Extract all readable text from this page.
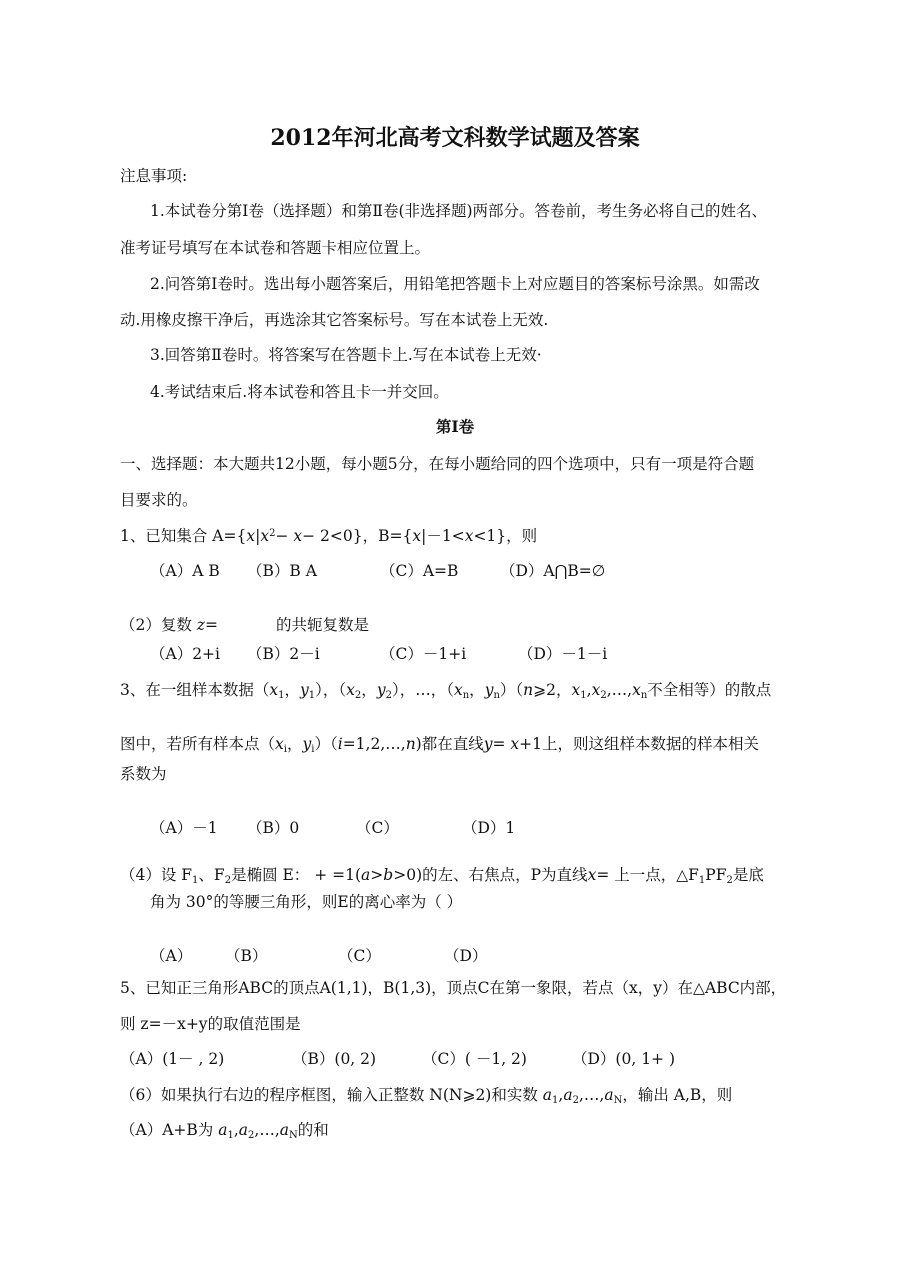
2012年河北高考文科数学试题及答案
注息事项:
1.本试卷分第Ⅰ卷（选择题）和第Ⅱ卷(非选择题)两部分。答卷前，考生务必将自己的姓名、
准考证号填写在本试卷和答题卡相应位置上。
2.问答第Ⅰ卷时。选出每小题答案后，用铅笔把答题卡上对应题目的答案标号涂黑。如需改
动.用橡皮擦干净后，再选涂其它答案标号。写在本试卷上无效.
3.回答第Ⅱ卷时。将答案写在答题卡上.写在本试卷上无效·
4.考试结束后.将本试卷和答且卡一并交回。
第Ⅰ卷
一、选择题：本大题共12小题，每小题5分，在每小题给同的四个选项中，只有一项是符合题
目要求的。
1、已知集合 $A=\{x|x^2- x- 2<0\}$，B={x|－1<x<1}，则
（A）A B （B）B A	（C）A=B	（D）A⋂B=∅
（2）复数 z=	的共轭复数是
（A）2+i （B）2－i	（C）－1+i	（D）－1－i
3、在一组样本数据（$x_1$，$y_1$），（$x_2$，$y_2$），…，（$x_n$，$y_n)(n⩾2$，$x_1,x_2,\dots,x_n$不全相等）的散点
图中，若所有样本点（$x_i$，$y_i)(i=1,2,\dots,n)$都在直线y= x+1上，则这组样本数据的样本相关
系数为
（A）－1 （B）0	（C）	（D）1
（4）设 $F_1$、$F_2$是椭圆 E： + =1(a>b>0)的左、右焦点，P为直线x= 上一点，$\triangle F_1PF_2$是底
角为 30°的等腰三角形，则E的离心率为（ ）
（A） （B）	（C）	（D）
5、已知正三角形ABC的顶点A(1,1)，B(1,3)，顶点C在第一象限，若点（x，y）在△ABC内部，
则 z=－x+y的取值范围是
（A）(1－ , 2)	（B）(0, 2)	（C）( －1, 2)	（D）(0, 1+ )
（6）如果执行右边的程序框图，输入正整数 N(N⩾2)和实数 $a_1,a_2,\dots,a_N$，输出 A,B，则
（A）A+B为 $a_1,a_2,\dots,a_N$的和
